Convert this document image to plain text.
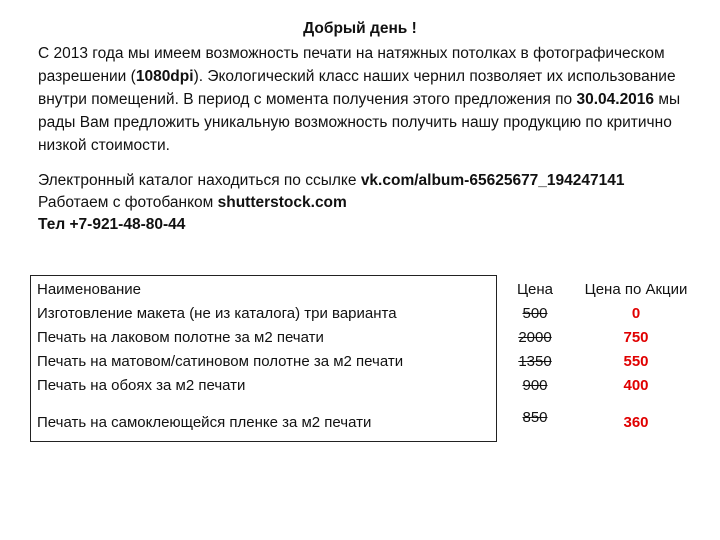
Добрый день !
С 2013 года мы имеем возможность печати на натяжных потолках в фотографическом разрешении (1080dpi). Экологический класс наших чернил позволяет их использование внутри помещений. В период с момента получения этого предложения по 30.04.2016 мы рады Вам предложить уникальную возможность получить нашу продукцию по критично низкой стоимости.
Электронный каталог находиться по ссылке vk.com/album-65625677_194247141
Работаем с фотобанком shutterstock.com
Тел +7-921-48-80-44
Наименование	Цена	Цена по Акции
Изготовление макета (не из каталога) три варианта	500	0
Печать на лаковом полотне за м2 печати	2000	750
Печать на матовом/сатиновом полотне за м2 печати	1350	550
Печать на обоях за м2 печати	900	400
Печать на самоклеющейся пленке за м2 печати	850	360
